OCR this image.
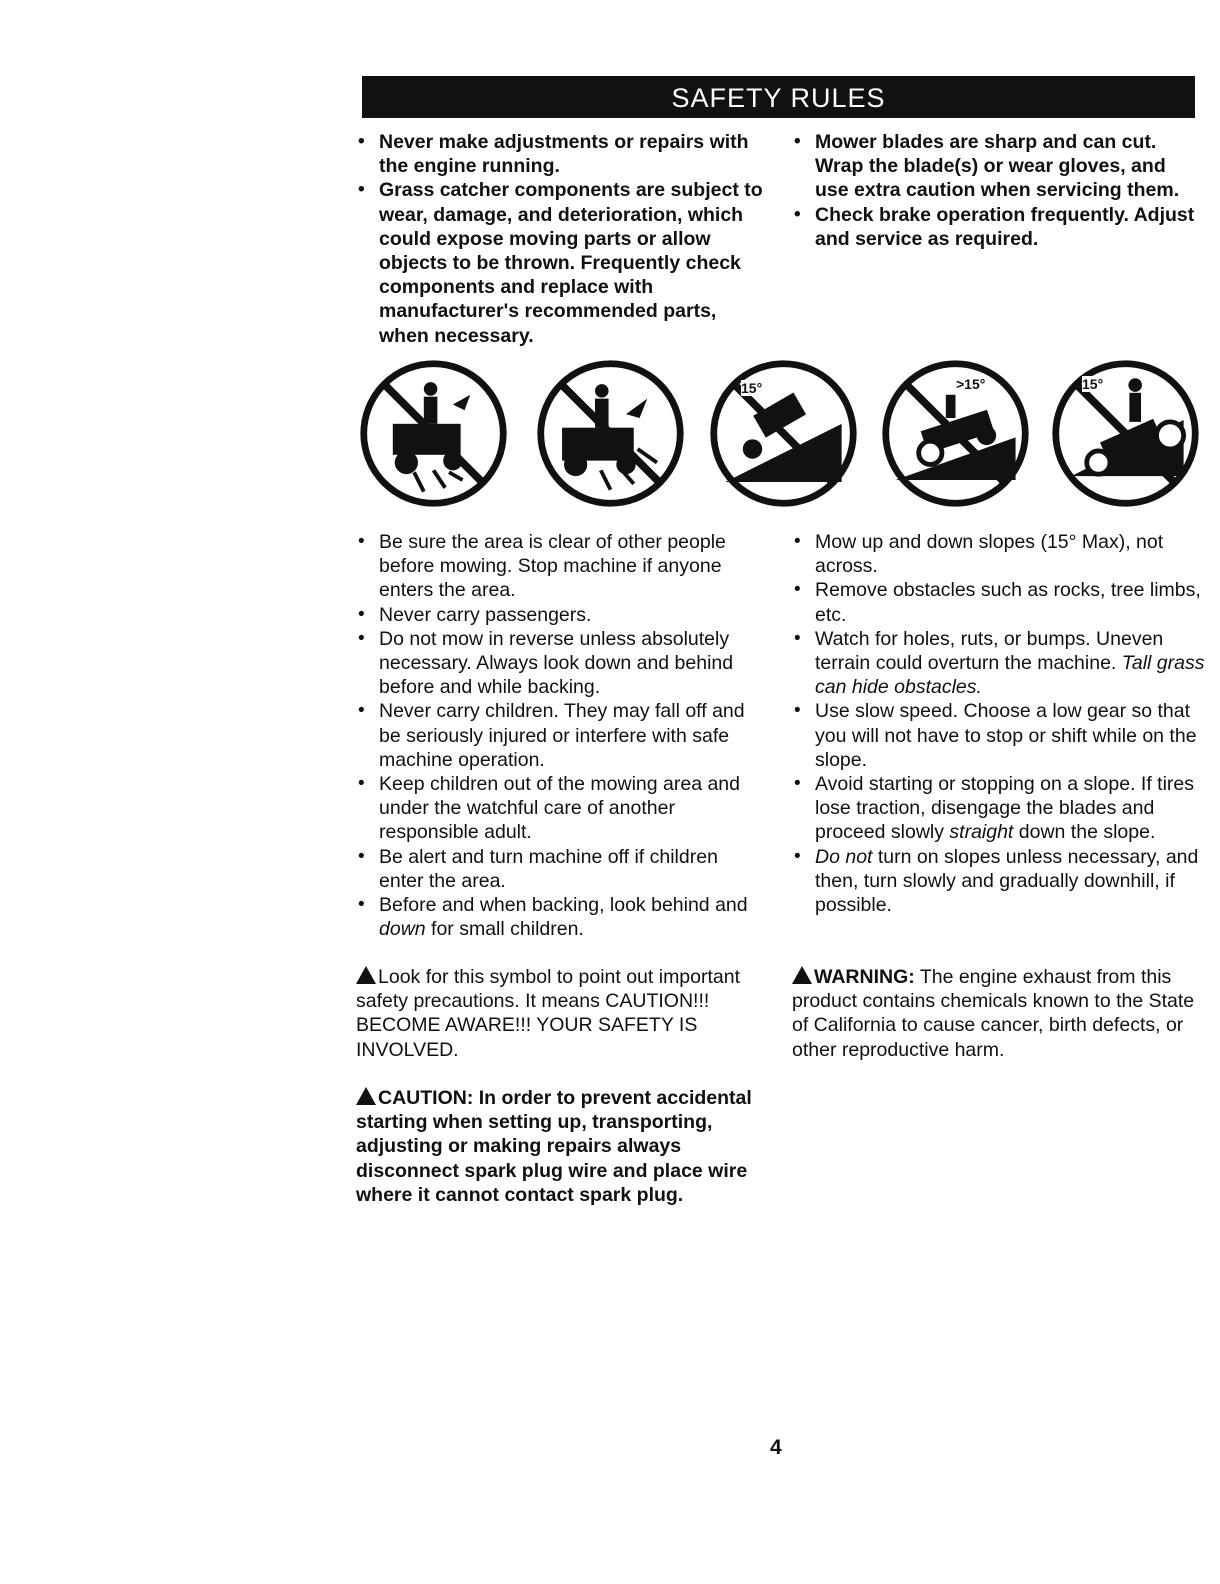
SAFETY RULES
• Never make adjustments or repairs with the engine running.
• Grass catcher components are subject to wear, damage, and deterioration, which could expose moving parts or allow objects to be thrown. Frequently check components and replace with manufacturer's recommended parts, when necessary.
• Mower blades are sharp and can cut. Wrap the blade(s) or wear gloves, and use extra caution when servicing them.
• Check brake operation frequently. Adjust and service as required.
15°	>15°	15°
• Be sure the area is clear of other people before mowing. Stop machine if anyone enters the area.
• Never carry passengers.
• Do not mow in reverse unless absolutely necessary. Always look down and behind before and while backing.
• Never carry children. They may fall off and be seriously injured or interfere with safe machine operation.
• Keep children out of the mowing area and under the watchful care of another responsible adult.
• Be alert and turn machine off if children enter the area.
• Before and when backing, look behind and down for small children.
• Mow up and down slopes (15° Max), not across.
• Remove obstacles such as rocks, tree limbs, etc.
• Watch for holes, ruts, or bumps. Uneven terrain could overturn the machine. Tall grass can hide obstacles.
• Use slow speed. Choose a low gear so that you will not have to stop or shift while on the slope.
• Avoid starting or stopping on a slope. If tires lose traction, disengage the blades and proceed slowly straight down the slope.
• Do not turn on slopes unless necessary, and then, turn slowly and gradually downhill, if possible.
Look for this symbol to point out important safety precautions. It means CAUTION!!! BECOME AWARE!!! YOUR SAFETY IS INVOLVED.
WARNING: The engine exhaust from this product contains chemicals known to the State of California to cause cancer, birth defects, or other reproductive harm.
CAUTION: In order to prevent accidental starting when setting up, transporting, adjusting or making repairs always disconnect spark plug wire and place wire where it cannot contact spark plug.
4
